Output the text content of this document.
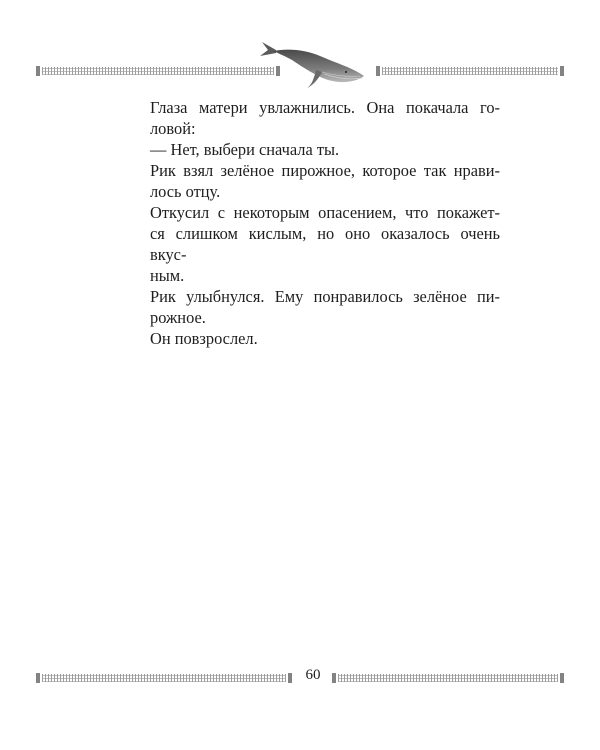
Глаза матери увлажнились. Она покачала го-
ловой:

— Нет, выбери сначала ты.

Рик взял зелёное пирожное, которое так нрави-
лось отцу.

Откусил с некоторым опасением, что покажет-
ся слишком кислым, но оно оказалось очень вкус-
ным.

Рик улыбнулся. Ему понравилось зелёное пи-
рожное.

Он повзрослел.

60
